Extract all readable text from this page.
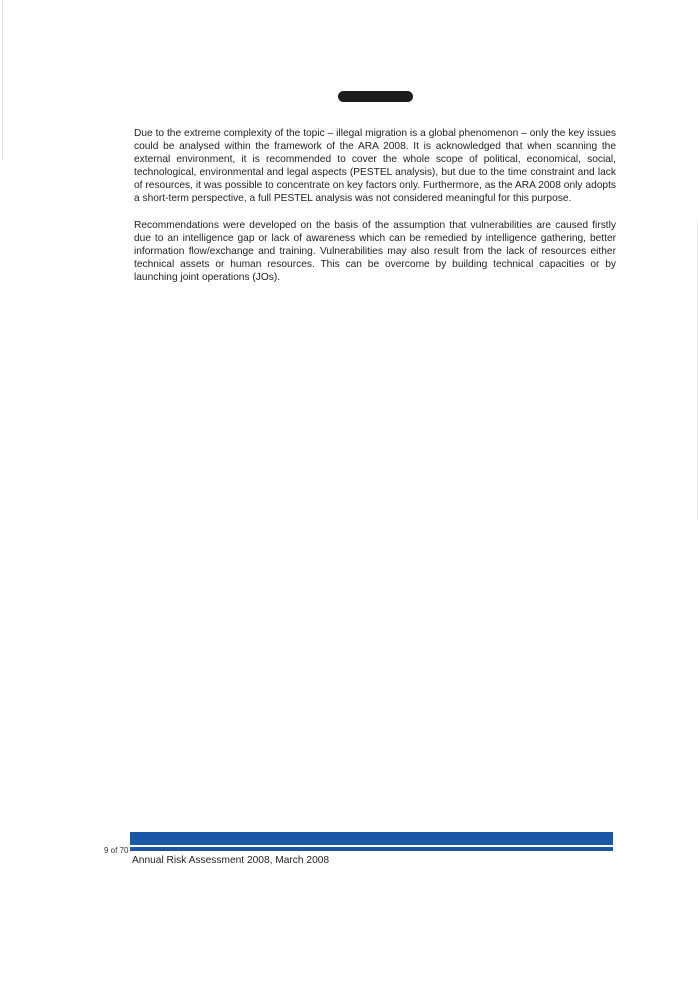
Due to the extreme complexity of the topic – illegal migration is a global phenomenon – only the key issues could be analysed within the framework of the ARA 2008. It is acknowledged that when scanning the external environment, it is recommended to cover the whole scope of political, economical, social, technological, environmental and legal aspects (PESTEL analysis), but due to the time constraint and lack of resources, it was possible to concentrate on key factors only. Furthermore, as the ARA 2008 only adopts a short-term perspective, a full PESTEL analysis was not considered meaningful for this purpose.

Recommendations were developed on the basis of the assumption that vulnerabilities are caused firstly due to an intelligence gap or lack of awareness which can be remedied by intelligence gathering, better information flow/exchange and training. Vulnerabilities may also result from the lack of resources either technical assets or human resources. This can be overcome by building technical capacities or by launching joint operations (JOs).

9 of 70
Annual Risk Assessment 2008, March 2008
